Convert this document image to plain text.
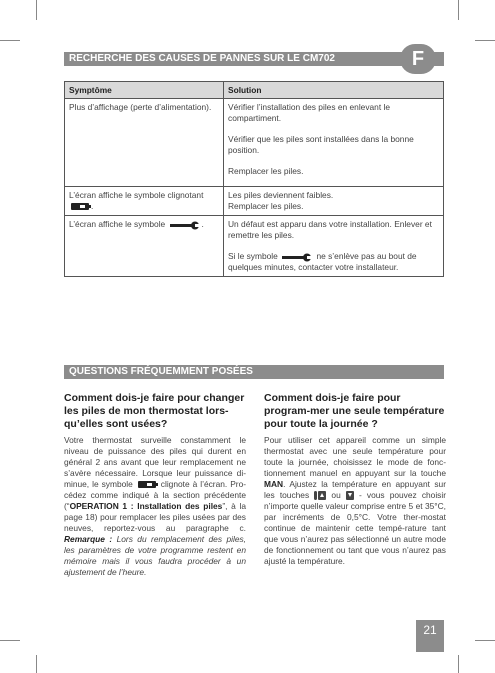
RECHERCHE DES CAUSES DE PANNES SUR LE CM702	F
Symptôme	Solution
Plus d’affichage (perte d’alimentation).	Vérifier l’installation des piles en enlevant le compartiment.

Vérifier que les piles sont installées dans la bonne position.

Remplacer les piles.

L’écran affiche le symbole clignotant .	Les piles deviennent faibles.
Remplacer les piles.

L’écran affiche le symbole .	Un défaut est apparu dans votre installation. Enlever et remettre les piles.

Si le symbole ne s’enlève pas au bout de quelques minutes, contacter votre installateur.

QUESTIONS FRÉQUEMMENT POSÉES

Comment dois-je faire pour changer les piles de mon thermostat lors-qu’elles sont usées?

Votre thermostat surveille constamment le niveau de puissance des piles qui durent en général 2 ans avant que leur remplacement ne s’avère nécessaire. Lorsque leur puissance di-minue, le symbole	clignote à l’écran. Pro-cédez comme indiqué à la section précédente (“OPERATION 1 : Installation des piles”, à la page 18) pour remplacer les piles usées par des neuves, reportez-vous au paragraphe c. Remarque : Lors du remplacement des piles, les paramètres de votre programme restent en mémoire mais il vous faudra procéder à un ajustement de l’heure.

Comment dois-je faire pour program-mer une seule température pour toute la journée ?

Pour utiliser cet appareil comme un simple thermostat avec une seule température pour toute la journée, choisissez le mode de fonc-tionnement manuel en appuyant sur la touche MAN. Ajustez la température en appuyant sur les touches	ou - vous pouvez choisir n’importe quelle valeur comprise entre 5 et 35°C, par incréments de 0,5°C. Votre ther-mostat continue de maintenir cette tempé-rature tant que vous n’aurez pas sélectionné un autre mode de fonctionnement ou tant que vous n’aurez pas ajusté la température.

21
